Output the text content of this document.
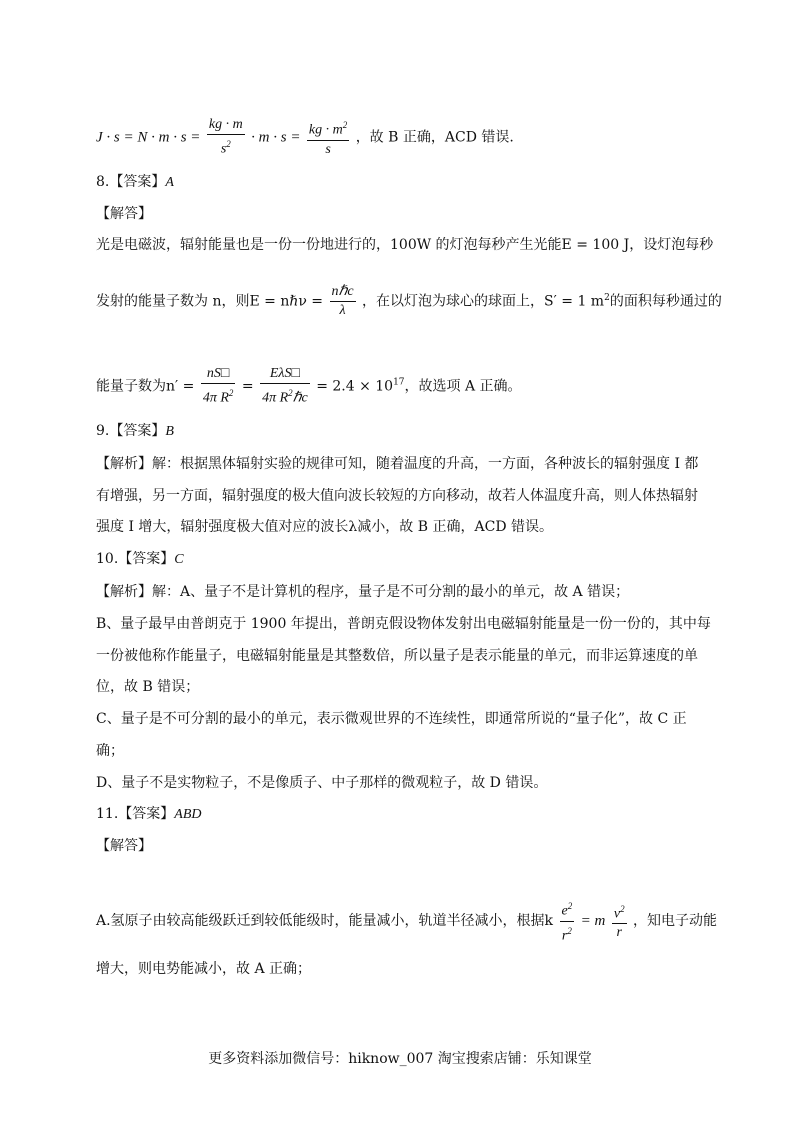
$J \cdot s = N \cdot m \cdot s = \frac{kg \cdot m}{s^2} \cdot m \cdot s = \frac{kg \cdot m^2}{s}$ ，故 B 正确，ACD 错误.
8.【答案】A
【解答】
光是电磁波，辐射能量也是一份一份地进行的，100W 的灯泡每秒产生光能E = 100 J，设灯泡每秒
发射的能量子数为 n，则E = nℏν = $\frac{\text{nℏc}}{\lambda}$ ，在以灯泡为球心的球面上，S′ = 1 $m^2$的面积每秒通过的
能量子数为$n' = \frac{nS□}{4\pi R^2} = \frac{\text{EλS□}}{4\pi R^2\hbar c} = 2.4 \times 10^{17}$，故选项 A 正确。
9.【答案】B
【解析】解：根据黑体辐射实验的规律可知，随着温度的升高，一方面，各种波长的辐射强度 I 都
有增强，另一方面，辐射强度的极大值向波长较短的方向移动，故若人体温度升高，则人体热辐射
强度 I 增大，辐射强度极大值对应的波长λ减小，故 B 正确，ACD 错误。
10.【答案】C
【解析】解：A、量子不是计算机的程序，量子是不可分割的最小的单元，故 A 错误；
B、量子最早由普朗克于 1900 年提出，普朗克假设物体发射出电磁辐射能量是一份一份的，其中每
一份被他称作能量子，电磁辐射能量是其整数倍，所以量子是表示能量的单元，而非运算速度的单
位，故 B 错误；
C、量子是不可分割的最小的单元，表示微观世界的不连续性，即通常所说的“量子化”，故 C 正
确；
D、量子不是实物粒子，不是像质子、中子那样的微观粒子，故 D 错误。
11.【答案】ABD
【解答】
A.氢原子由较高能级跃迁到较低能级时，能量减小，轨道半径减小，根据k $\frac{e^2}{r^2} = m \frac{v^2}{r}$ ，知电子动能
增大，则电势能减小，故 A 正确；
更多资料添加微信号：hiknow_007 淘宝搜索店铺：乐知课堂
